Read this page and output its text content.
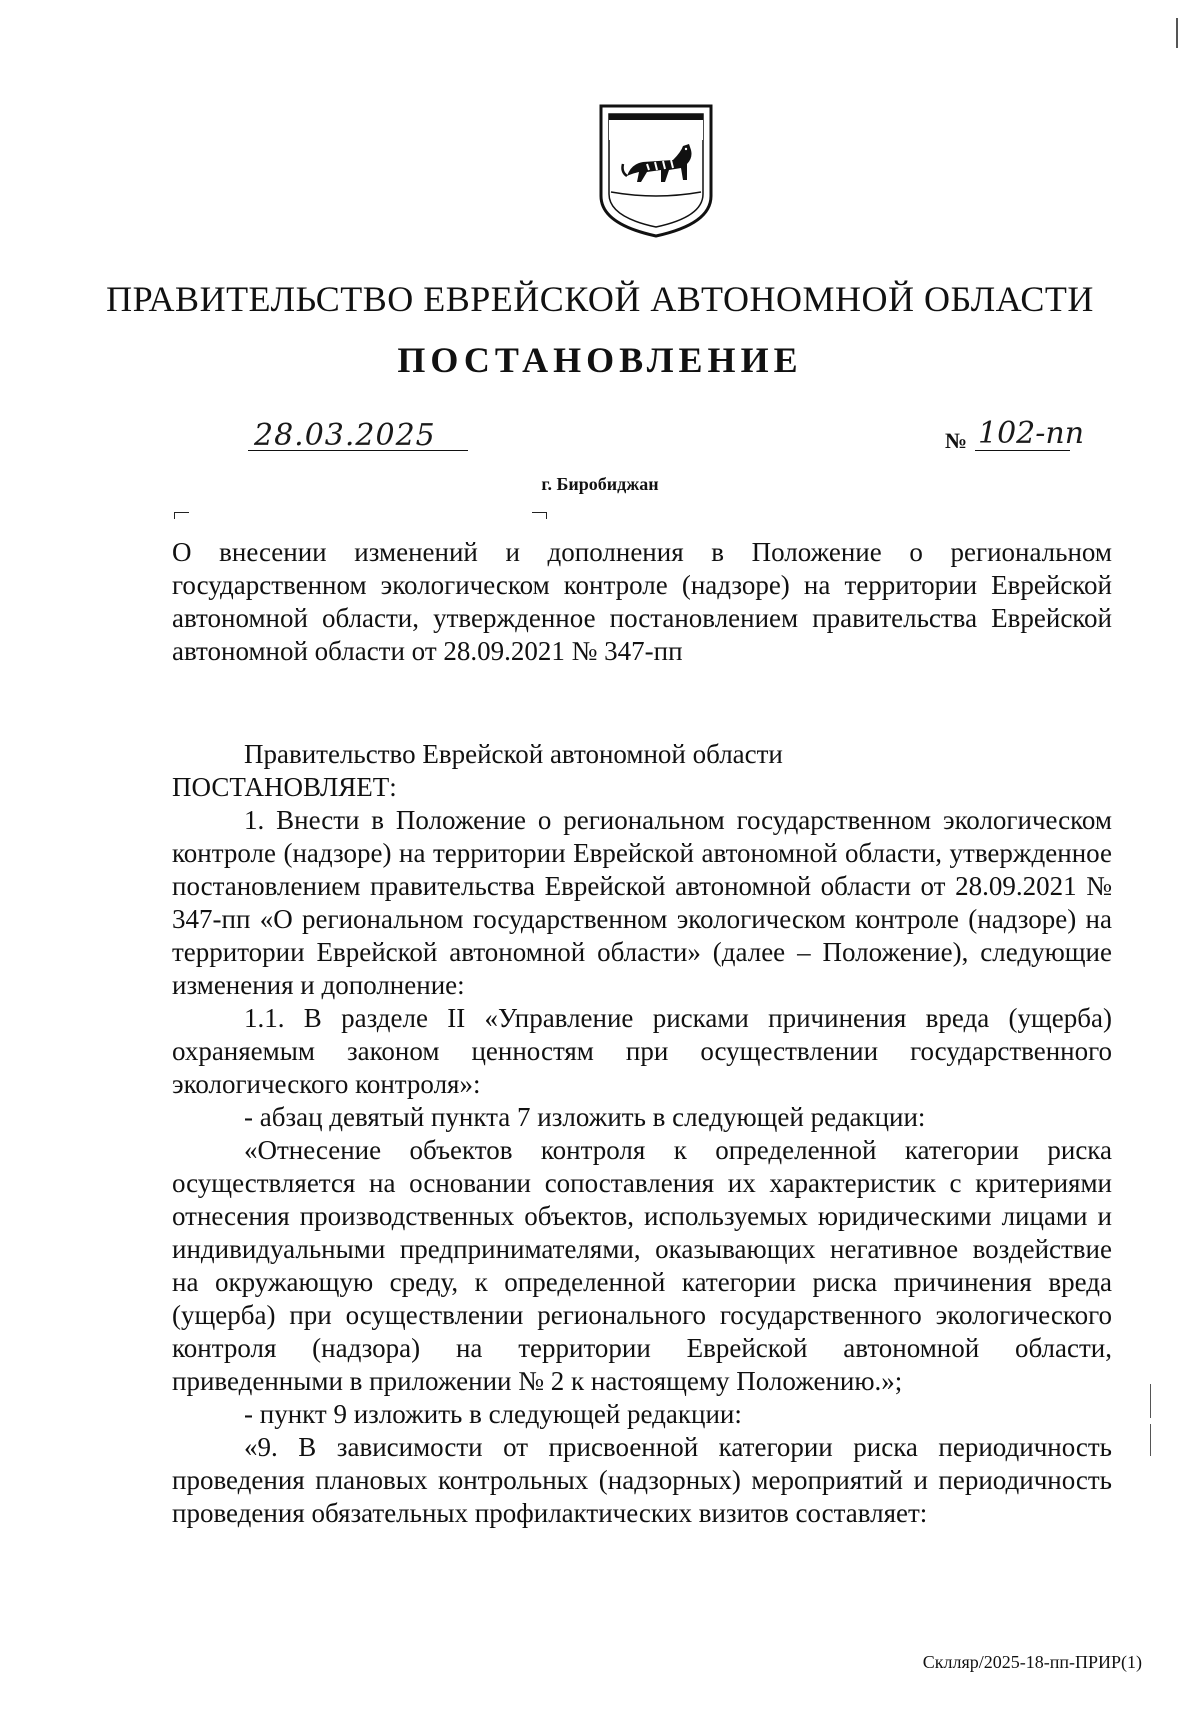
ПРАВИТЕЛЬСТВО ЕВРЕЙСКОЙ АВТОНОМНОЙ ОБЛАСТИ
ПОСТАНОВЛЕНИЕ
28.03.2025	№ 102-пп
г. Биробиджан

О внесении изменений и дополнения в Положение о региональном государственном экологическом контроле (надзоре) на территории Еврейской автономной области, утвержденное постановлением правительства Еврейской автономной области от 28.09.2021 № 347-пп

Правительство Еврейской автономной области

ПОСТАНОВЛЯЕТ:

1. Внести в Положение о региональном государственном экологическом контроле (надзоре) на территории Еврейской автономной области, утвержденное постановлением правительства Еврейской автономной области от 28.09.2021 № 347-пп «О региональном государственном экологическом контроле (надзоре) на территории Еврейской автономной области» (далее – Положение), следующие изменения и дополнение:

1.1. В разделе II «Управление рисками причинения вреда (ущерба) охраняемым законом ценностям при осуществлении государственного экологического контроля»:

- абзац девятый пункта 7 изложить в следующей редакции:

«Отнесение объектов контроля к определенной категории риска осуществляется на основании сопоставления их характеристик с критериями отнесения производственных объектов, используемых юридическими лицами и индивидуальными предпринимателями, оказывающих негативное воздействие на окружающую среду, к определенной категории риска причинения вреда (ущерба) при осуществлении регионального государственного экологического контроля (надзора) на территории Еврейской автономной области, приведенными в приложении № 2 к настоящему Положению.»;

- пункт 9 изложить в следующей редакции:

«9. В зависимости от присвоенной категории риска периодичность проведения плановых контрольных (надзорных) мероприятий и периодичность проведения обязательных профилактических визитов составляет:

Склляр/2025-18-пп-ПРИР(1)
